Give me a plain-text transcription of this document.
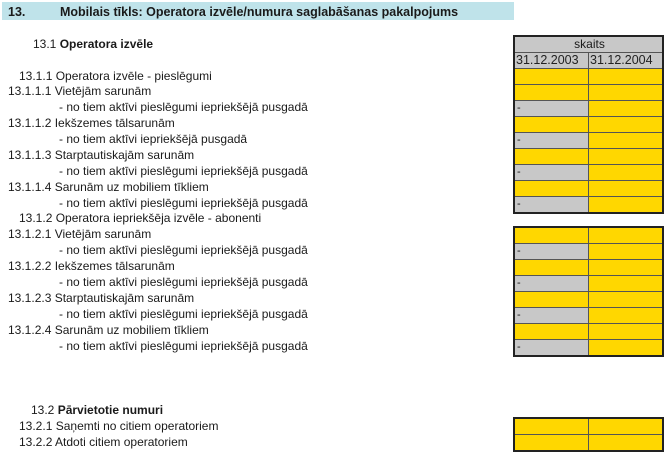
13.	Mobilais tīkls: Operatora izvēle/numura saglabāšanas pakalpojums
13.1 Operatora izvēle
13.1.1 Operatora izvēle - pieslēgumi
13.1.1.1 Vietējām sarunām
- no tiem aktīvi pieslēgumi iepriekšējā pusgadā
13.1.1.2 Iekšzemes tālsarunām
- no tiem aktīvi iepriekšējā pusgadā
13.1.1.3 Starptautiskajām sarunām
- no tiem aktīvi pieslēgumi iepriekšējā pusgadā
13.1.1.4 Sarunām uz mobiliem tīkliem
- no tiem aktīvi pieslēgumi iepriekšējā pusgadā
13.1.2 Operatora iepriekšēja izvēle - abonenti
13.1.2.1 Vietējām sarunām
- no tiem aktīvi pieslēgumi iepriekšējā pusgadā
13.1.2.2 Iekšzemes tālsarunām
- no tiem aktīvi pieslēgumi iepriekšējā pusgadā
13.1.2.3 Starptautiskajām sarunām
- no tiem aktīvi pieslēgumi iepriekšējā pusgadā
13.1.2.4 Sarunām uz mobiliem tīkliem
- no tiem aktīvi pieslēgumi iepriekšējā pusgadā
13.2 Pārvietotie numuri
13.2.1 Saņemti no citiem operatoriem
13.2.2 Atdoti citiem operatoriem
skaits
31.12.2003 31.12.2004
-
-
-
-
-
-
-
-
